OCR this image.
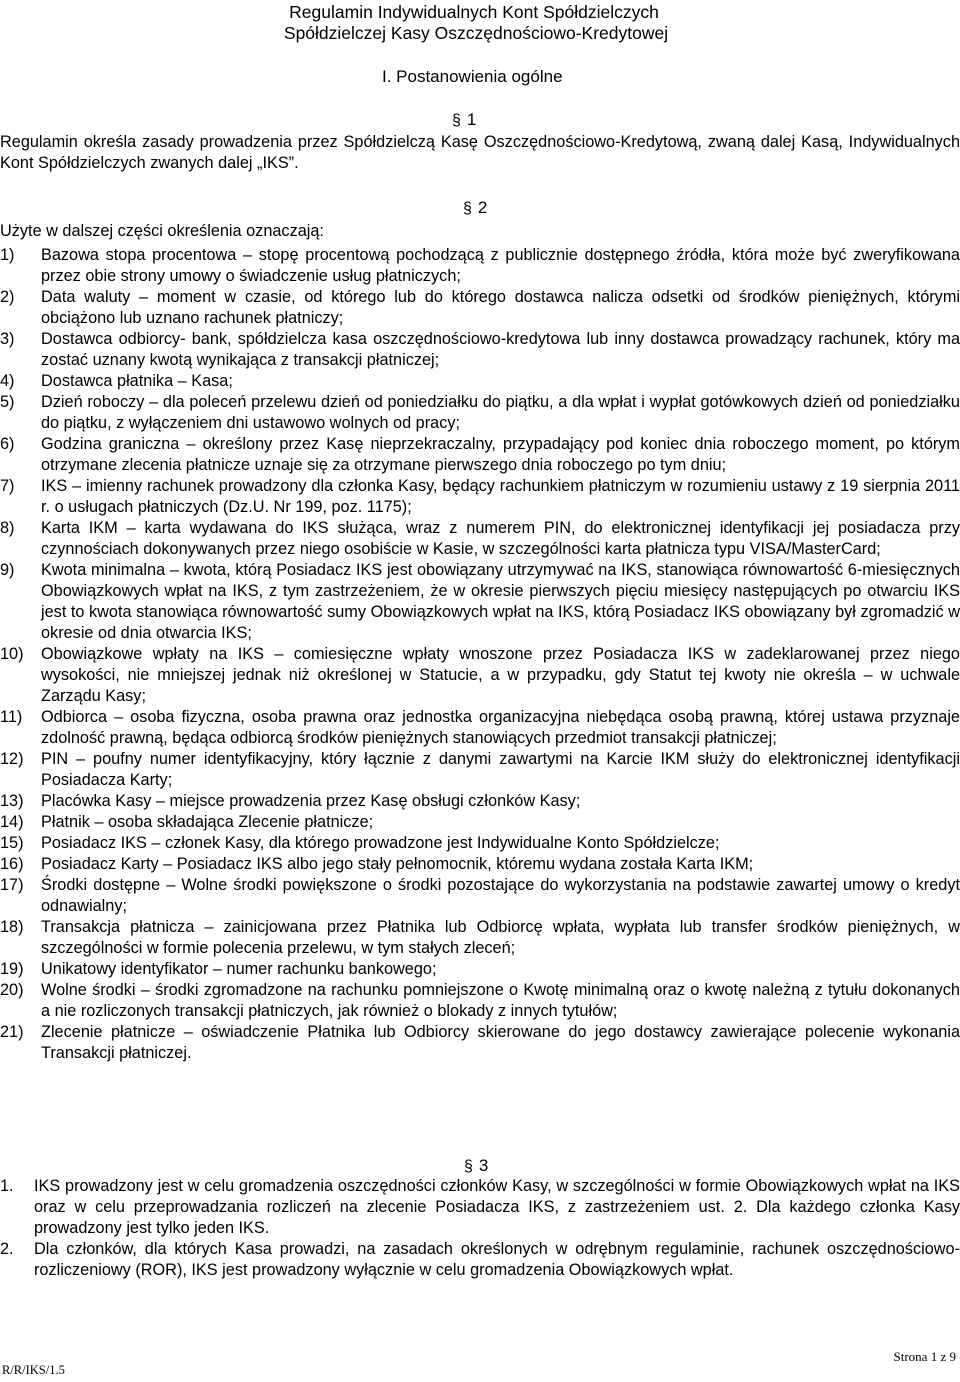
Regulamin Indywidualnych Kont Spółdzielczych
Spółdzielczej Kasy Oszczędnościowo-Kredytowej
I. Postanowienia ogólne
§ 1

Regulamin określa zasady prowadzenia przez Spółdzielczą Kasę Oszczędnościowo-Kredytową, zwaną dalej Kasą, Indywidualnych Kont Spółdzielczych zwanych dalej „IKS”.

§ 2

Użyte w dalszej części określenia oznaczają:

1) Bazowa stopa procentowa – stopę procentową pochodzącą z publicznie dostępnego źródła, która może być zweryfikowana przez obie strony umowy o świadczenie usług płatniczych;
2) Data waluty – moment w czasie, od którego lub do którego dostawca nalicza odsetki od środków pieniężnych, którymi obciążono lub uznano rachunek płatniczy;
3) Dostawca odbiorcy- bank, spółdzielcza kasa oszczędnościowo-kredytowa lub inny dostawca prowadzący rachunek, który ma zostać uznany kwotą wynikająca z transakcji płatniczej;
4) Dostawca płatnika – Kasa;
5) Dzień roboczy – dla poleceń przelewu dzień od poniedziałku do piątku, a dla wpłat i wypłat gotówkowych dzień od poniedziałku do piątku, z wyłączeniem dni ustawowo wolnych od pracy;
6) Godzina graniczna – określony przez Kasę nieprzekraczalny, przypadający pod koniec dnia roboczego moment, po którym otrzymane zlecenia płatnicze uznaje się za otrzymane pierwszego dnia roboczego po tym dniu;
7) IKS – imienny rachunek prowadzony dla członka Kasy, będący rachunkiem płatniczym w rozumieniu ustawy z 19 sierpnia 2011 r. o usługach płatniczych (Dz.U. Nr 199, poz. 1175);
8) Karta IKM – karta wydawana do IKS służąca, wraz z numerem PIN, do elektronicznej identyfikacji jej posiadacza przy czynnościach dokonywanych przez niego osobiście w Kasie, w szczególności karta płatnicza typu VISA/MasterCard;
9) Kwota minimalna – kwota, którą Posiadacz IKS jest obowiązany utrzymywać na IKS, stanowiąca równowartość 6-miesięcznych Obowiązkowych wpłat na IKS, z tym zastrzeżeniem, że w okresie pierwszych pięciu miesięcy następujących po otwarciu IKS jest to kwota stanowiąca równowartość sumy Obowiązkowych wpłat na IKS, którą Posiadacz IKS obowiązany był zgromadzić w okresie od dnia otwarcia IKS;
10) Obowiązkowe wpłaty na IKS – comiesięczne wpłaty wnoszone przez Posiadacza IKS w zadeklarowanej przez niego wysokości, nie mniejszej jednak niż określonej w Statucie, a w przypadku, gdy Statut tej kwoty nie określa – w uchwale Zarządu Kasy;
11) Odbiorca – osoba fizyczna, osoba prawna oraz jednostka organizacyjna niebędąca osobą prawną, której ustawa przyznaje zdolność prawną, będąca odbiorcą środków pieniężnych stanowiących przedmiot transakcji płatniczej;
12) PIN – poufny numer identyfikacyjny, który łącznie z danymi zawartymi na Karcie IKM służy do elektronicznej identyfikacji Posiadacza Karty;
13) Placówka Kasy – miejsce prowadzenia przez Kasę obsługi członków Kasy;
14) Płatnik – osoba składająca Zlecenie płatnicze;
15) Posiadacz IKS – członek Kasy, dla którego prowadzone jest Indywidualne Konto Spółdzielcze;
16) Posiadacz Karty – Posiadacz IKS albo jego stały pełnomocnik, któremu wydana została Karta IKM;
17) Środki dostępne – Wolne środki powiększone o środki pozostające do wykorzystania na podstawie zawartej umowy o kredyt odnawialny;
18) Transakcja płatnicza – zainicjowana przez Płatnika lub Odbiorcę wpłata, wypłata lub transfer środków pieniężnych, w szczególności w formie polecenia przelewu, w tym stałych zleceń;
19) Unikatowy identyfikator – numer rachunku bankowego;
20) Wolne środki – środki zgromadzone na rachunku pomniejszone o Kwotę minimalną oraz o kwotę należną z tytułu dokonanych a nie rozliczonych transakcji płatniczych, jak również o blokady z innych tytułów;
21) Zlecenie płatnicze – oświadczenie Płatnika lub Odbiorcy skierowane do jego dostawcy zawierające polecenie wykonania Transakcji płatniczej.
§ 3
1. IKS prowadzony jest w celu gromadzenia oszczędności członków Kasy, w szczególności w formie Obowiązkowych wpłat na IKS oraz w celu przeprowadzania rozliczeń na zlecenie Posiadacza IKS, z zastrzeżeniem ust. 2. Dla każdego członka Kasy prowadzony jest tylko jeden IKS.
2. Dla członków, dla których Kasa prowadzi, na zasadach określonych w odrębnym regulaminie, rachunek oszczędnościowo-rozliczeniowy (ROR), IKS jest prowadzony wyłącznie w celu gromadzenia Obowiązkowych wpłat.
R/R/IKS/1.5
Strona 1 z 9
